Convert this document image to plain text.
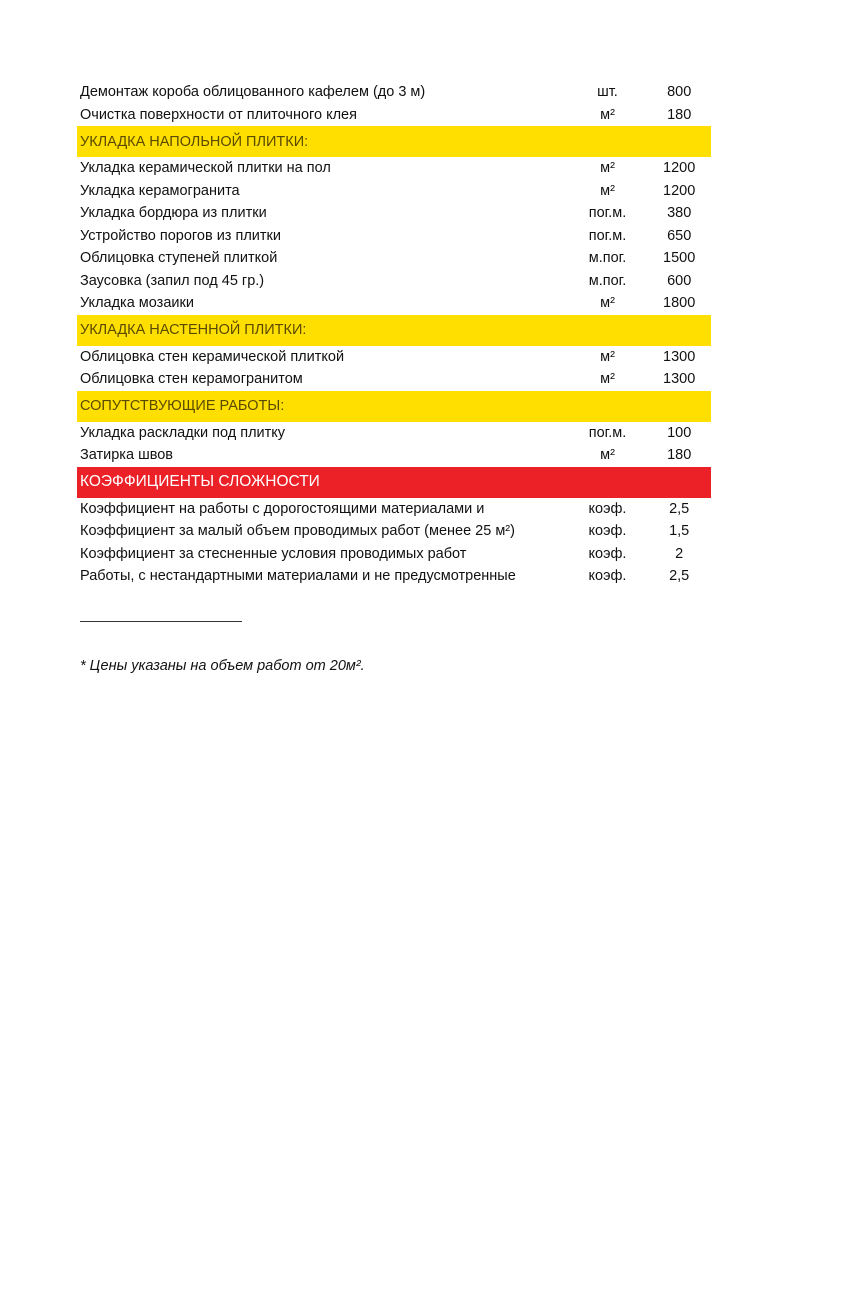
Демонтаж короба облицованного кафелем (до 3 м)	шт.	800
Очистка поверхности от плиточного клея	м²	180
УКЛАДКА НАПОЛЬНОЙ ПЛИТКИ:
Укладка керамической плитки на пол	м²	1200
Укладка керамогранита	м²	1200
Укладка бордюра из плитки	пог.м.	380
Устройство порогов из плитки	пог.м.	650
Облицовка ступеней плиткой	м.пог.	1500
Заусовка (запил под 45 гр.)	м.пог.	600
Укладка мозаики	м²	1800
УКЛАДКА НАСТЕННОЙ ПЛИТКИ:
Облицовка стен керамической плиткой	м²	1300
Облицовка стен керамогранитом	м²	1300
СОПУТСТВУЮЩИЕ РАБОТЫ:
Укладка раскладки под плитку	пог.м.	100
Затирка швов	м²	180
КОЭФФИЦИЕНТЫ СЛОЖНОСТИ
Коэффициент на работы с дорогостоящими материалами и	коэф.	2,5
Коэффициент за малый объем проводимых работ (менее 25 м²)	коэф.	1,5
Коэффициент за стесненные условия проводимых работ	коэф.	2
Работы, с нестандартными материалами и не предусмотренные	коэф.	2,5
* Цены указаны на объем работ от 20м².
